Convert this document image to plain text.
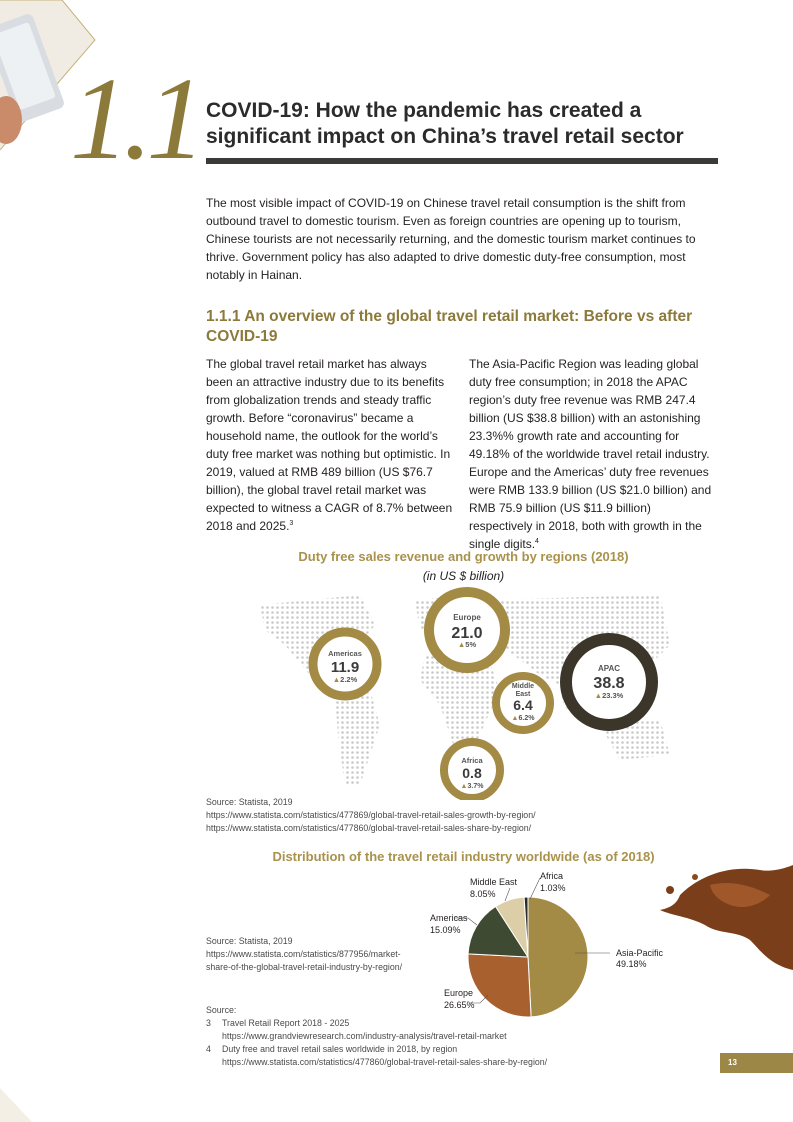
1.1 COVID-19: How the pandemic has created a significant impact on China’s travel retail sector
The most visible impact of COVID-19 on Chinese travel retail consumption is the shift from outbound travel to domestic tourism. Even as foreign countries are opening up to tourism, Chinese tourists are not necessarily returning, and the domestic tourism market continues to thrive. Government policy has also adapted to drive domestic duty-free consumption, most notably in Hainan.
1.1.1 An overview of the global travel retail market: Before vs after COVID-19
The global travel retail market has always been an attractive industry due to its benefits from globalization trends and steady traffic growth. Before “coronavirus” became a household name, the outlook for the world’s duty free market was nothing but optimistic. In 2019, valued at RMB 489 billion (US $76.7 billion), the global travel retail market was expected to witness a CAGR of 8.7% between 2018 and 2025.$^3$
The Asia-Pacific Region was leading global duty free consumption; in 2018 the APAC region’s duty free revenue was RMB 247.4 billion (US $38.8 billion) with an astonishing 23.3%% growth rate and accounting for 49.18% of the worldwide travel retail industry. Europe and the Americas’ duty free revenues were RMB 133.9 billion (US $21.0 billion) and RMB 75.9 billion (US $11.9 billion) respectively in 2018, both with growth in the single digits.$^4$
Duty free sales revenue and growth by regions (2018)
(in US $ billion)
Europe
21.0
▲5%
Americas
11.9
▲2.2%
Middle
East
6.4
▲6.2%
APAC
38.8
▲23.3%
Africa
0.8
▲3.7%
Source: Statista, 2019
https://www.statista.com/statistics/477869/global-travel-retail-sales-growth-by-region/
https://www.statista.com/statistics/477860/global-travel-retail-sales-share-by-region/
Distribution of the travel retail industry worldwide (as of 2018)
Asia-Pacific
49.18%
Europe
26.65%
Americas
15.09%
Middle East
8.05%
Africa
1.03%
Source: Statista, 2019
https://www.statista.com/statistics/877956/market-
share-of-the-global-travel-retail-industry-by-region/
Source:
3 Travel Retail Report 2018 - 2025
https://www.grandviewresearch.com/industry-analysis/travel-retail-market
4 Duty free and travel retail sales worldwide in 2018, by region
https://www.statista.com/statistics/477860/global-travel-retail-sales-share-by-region/	13
